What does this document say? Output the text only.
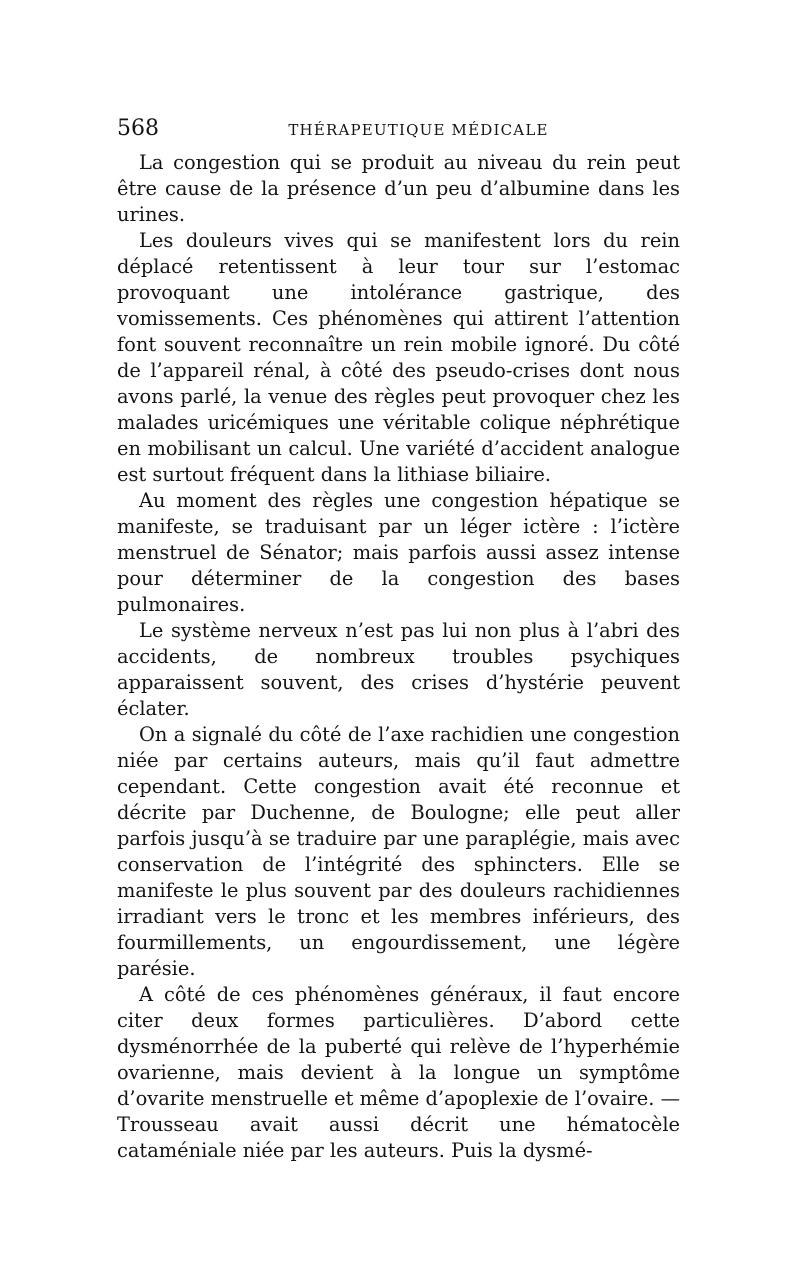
568	THÉRAPEUTIQUE MÉDICALE

La congestion qui se produit au niveau du rein peut être cause de la présence d’un peu d’albumine dans les urines.

Les douleurs vives qui se manifestent lors du rein déplacé retentissent à leur tour sur l’estomac provoquant une intolérance gastrique, des vomissements. Ces phénomènes qui attirent l’attention font souvent reconnaître un rein mobile ignoré. Du côté de l’appareil rénal, à côté des pseudo-crises dont nous avons parlé, la venue des règles peut provoquer chez les malades uricémiques une véritable colique néphrétique en mobilisant un calcul. Une variété d’accident analogue est surtout fréquent dans la lithiase biliaire.

Au moment des règles une congestion hépatique se manifeste, se traduisant par un léger ictère : l’ictère menstruel de Sénator; mais parfois aussi assez intense pour déterminer de la congestion des bases pulmonaires.

Le système nerveux n’est pas lui non plus à l’abri des accidents, de nombreux troubles psychiques apparaissent souvent, des crises d’hystérie peuvent éclater.

On a signalé du côté de l’axe rachidien une congestion niée par certains auteurs, mais qu’il faut admettre cependant. Cette congestion avait été reconnue et décrite par Duchenne, de Boulogne; elle peut aller parfois jusqu’à se traduire par une paraplégie, mais avec conservation de l’intégrité des sphincters. Elle se manifeste le plus souvent par des douleurs rachidiennes irradiant vers le tronc et les membres inférieurs, des fourmillements, un engourdissement, une légère parésie.

A côté de ces phénomènes généraux, il faut encore citer deux formes particulières. D’abord cette dysménorrhée de la puberté qui relève de l’hyperhémie ovarienne, mais devient à la longue un symptôme d’ovarite menstruelle et même d’apoplexie de l’ovaire. — Trousseau avait aussi décrit une hématocèle cataméniale niée par les auteurs. Puis la dysmé-
